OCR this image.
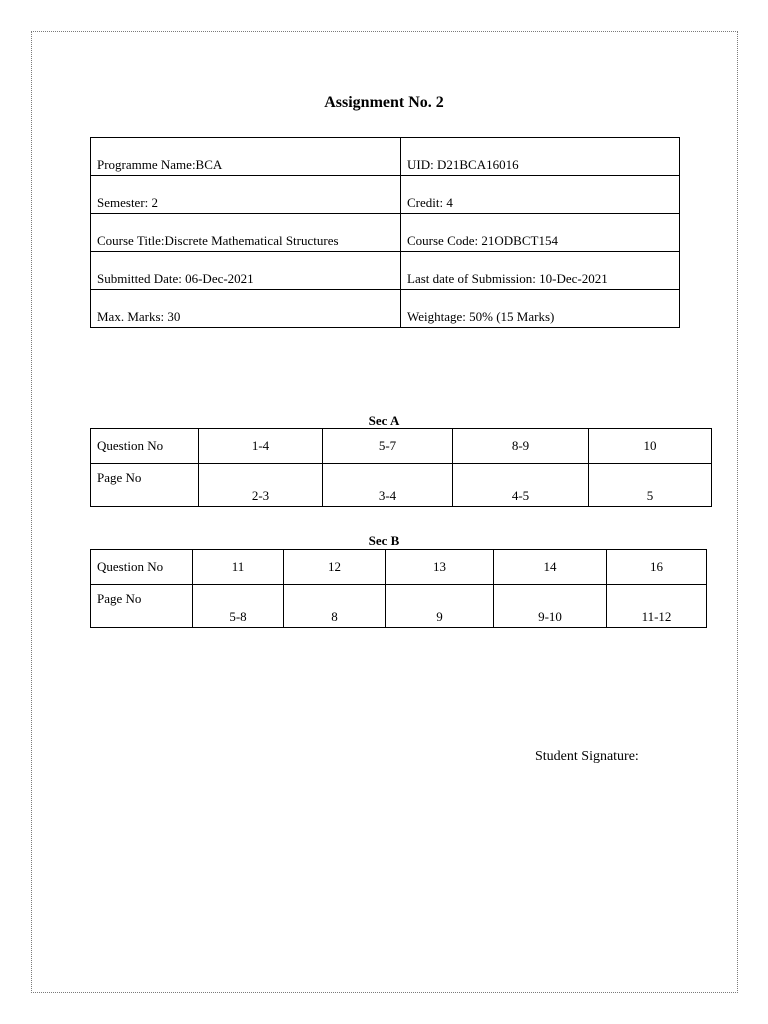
Assignment No. 2
Programme Name:BCA	UID: D21BCA16016
Semester: 2	Credit: 4
Course Title:Discrete Mathematical Structures	Course Code: 21ODBCT154
Submitted Date: 06-Dec-2021	Last date of Submission: 10-Dec-2021
Max. Marks: 30	Weightage: 50% (15 Marks)
Sec A
Question No	1-4	5-7	8-9	10
Page No	2-3	3-4	4-5	5
Sec B
Question No	11	12	13	14	16
Page No	5-8	8	9	9-10	11-12
Student Signature:
